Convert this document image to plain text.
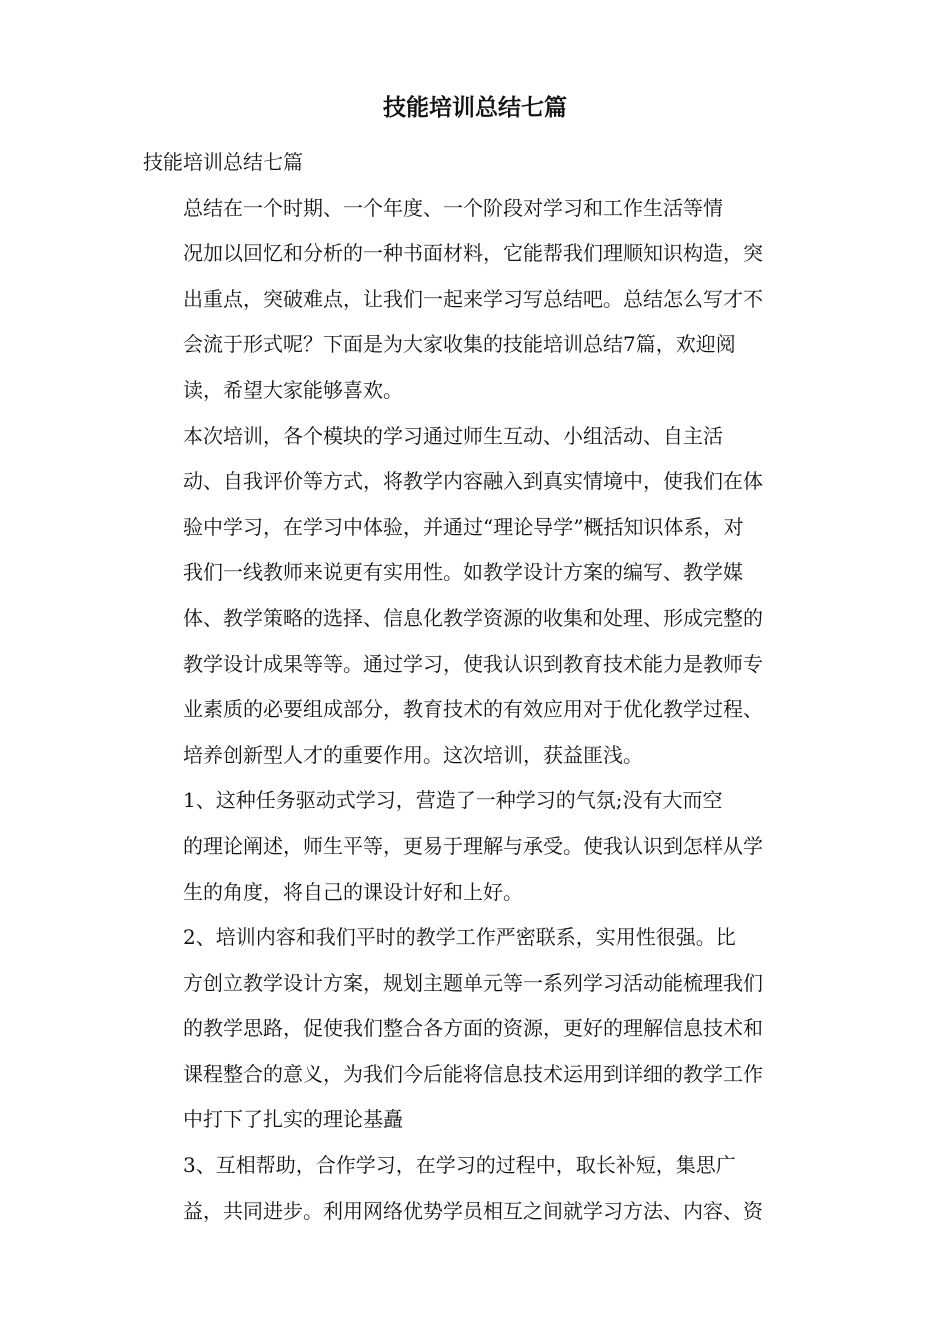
技能培训总结七篇

技能培训总结七篇

总结在一个时期、一个年度、一个阶段对学习和工作生活等情
况加以回忆和分析的一种书面材料，它能帮我们理顺知识构造，突
出重点，突破难点，让我们一起来学习写总结吧。总结怎么写才不
会流于形式呢？下面是为大家收集的技能培训总结7篇，欢迎阅
读，希望大家能够喜欢。

本次培训，各个模块的学习通过师生互动、小组活动、自主活
动、自我评价等方式，将教学内容融入到真实情境中，使我们在体
验中学习，在学习中体验，并通过“理论导学”概括知识体系，对
我们一线教师来说更有实用性。如教学设计方案的编写、教学媒
体、教学策略的选择、信息化教学资源的收集和处理、形成完整的
教学设计成果等等。通过学习，使我认识到教育技术能力是教师专
业素质的必要组成部分，教育技术的有效应用对于优化教学过程、
培养创新型人才的重要作用。这次培训，获益匪浅。

1、这种任务驱动式学习，营造了一种学习的气氛;没有大而空
的理论阐述，师生平等，更易于理解与承受。使我认识到怎样从学
生的角度，将自己的课设计好和上好。

2、培训内容和我们平时的教学工作严密联系，实用性很强。比
方创立教学设计方案，规划主题单元等一系列学习活动能梳理我们
的教学思路，促使我们整合各方面的资源，更好的理解信息技术和
课程整合的意义，为我们今后能将信息技术运用到详细的教学工作
中打下了扎实的理论基矗

3、互相帮助，合作学习，在学习的过程中，取长补短，集思广
益，共同进步。利用网络优势学员相互之间就学习方法、内容、资
